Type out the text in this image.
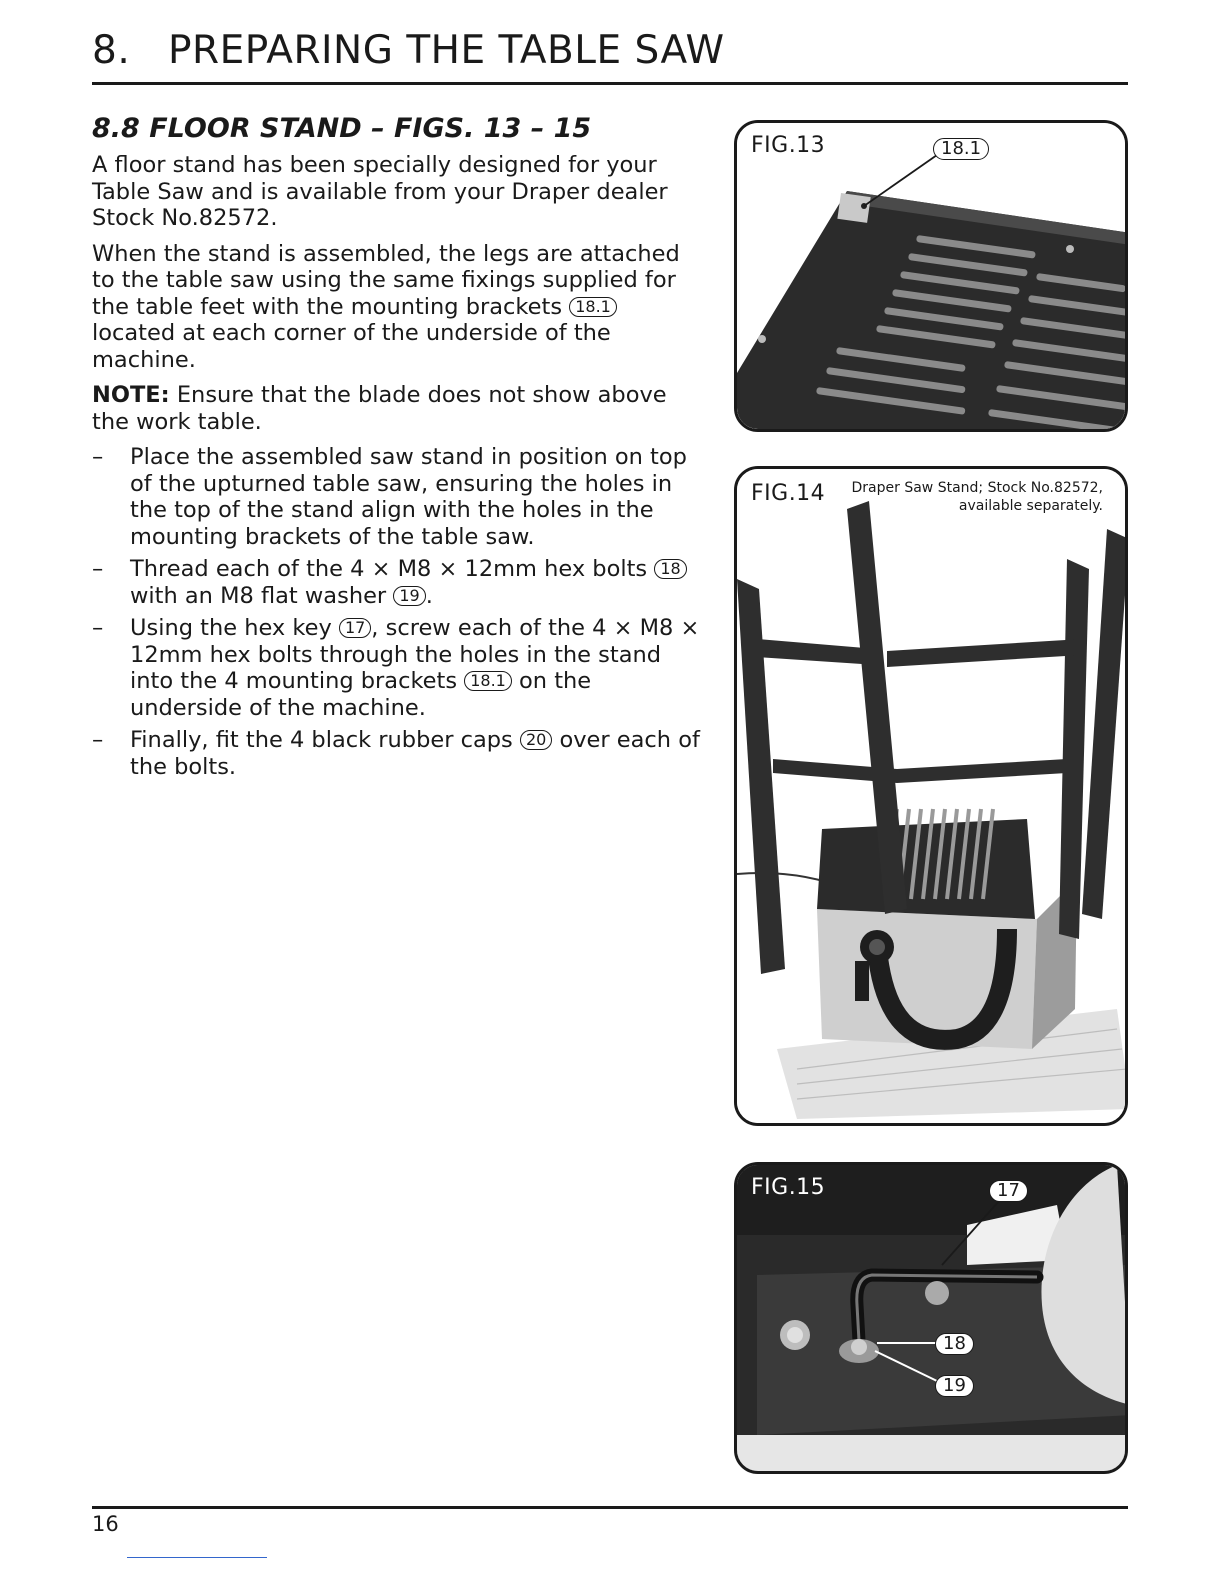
8. PREPARING THE TABLE SAW
8.8 FLOOR STAND – FIGS. 13 – 15

A floor stand has been specially designed for your Table Saw and is available from your Draper dealer Stock No.82572.

When the stand is assembled, the legs are attached to the table saw using the same fixings supplied for the table feet with the mounting brackets 18.1 located at each corner of the underside of the machine.

NOTE: Ensure that the blade does not show above the work table.

– Place the assembled saw stand in position on top of the upturned table saw, ensuring the holes in the top of the stand align with the holes in the mounting brackets of the table saw.
– Thread each of the 4 × M8 × 12mm hex bolts 18 with an M8 flat washer 19 .
– Using the hex key 17 , screw each of the 4 × M8 × 12mm hex bolts through the holes in the stand into the 4 mounting brackets 18.1 on the underside of the machine.
– Finally, fit the 4 black rubber caps 20 over each of the bolts.
FIG.13	18.1
FIG.14	Draper Saw Stand; Stock No.82572, available separately.
FIG.15	17
18
19
16
